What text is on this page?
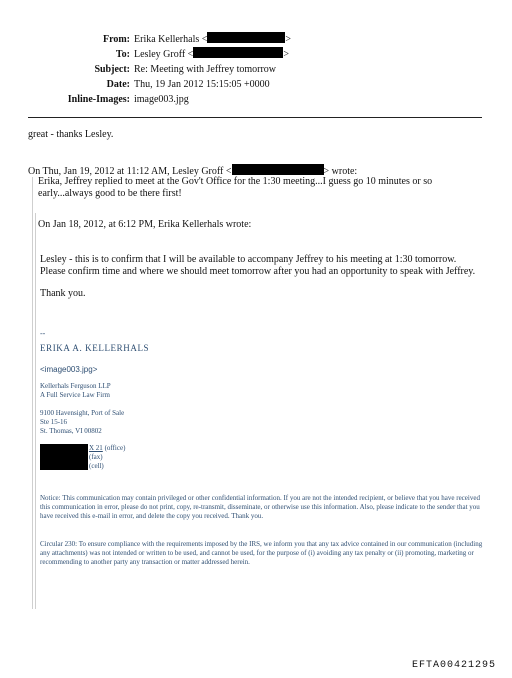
From: Erika Kellerhals <	>
To: Lesley Groff <	>
Subject: Re: Meeting with Jeffrey tomorrow
Date: Thu, 19 Jan 2012 15:15:05 +0000
Inline-Images: image003.jpg
great - thanks Lesley.
On Thu, Jan 19, 2012 at 11:12 AM, Lesley Groff <	> wrote:
Erika, Jeffrey replied to meet at the Gov't Office for the 1:30 meeting...I guess go 10 minutes or so
early...always good to be there first!
On Jan 18, 2012, at 6:12 PM, Erika Kellerhals wrote:
Lesley - this is to confirm that I will be available to accompany Jeffrey to his meeting at 1:30 tomorrow.
Please confirm time and where we should meet tomorrow after you had an opportunity to speak with Jeffrey.
Thank you.
--
ERIKA A. KELLERHALS
<image003.jpg>
Kellerhals Ferguson LLP
A Full Service Law Firm
9100 Havensight, Port of Sale
Ste 15-16
St. Thomas, VI 00802
X 21 (office)
(fax)
(cell)
Notice: This communication may contain privileged or other confidential information. If you are not the intended recipient, or believe that you have received this communication in error, please do not print, copy, re-transmit, disseminate, or otherwise use this information. Also, please indicate to the sender that you have received this e-mail in error, and delete the copy you received. Thank you.
Circular 230: To ensure compliance with the requirements imposed by the IRS, we inform you that any tax advice contained in our communication (including any attachments) was not intended or written to be used, and cannot be used, for the purpose of (i) avoiding any tax penalty or (ii) promoting, marketing or recommending to another party any transaction or matter addressed herein.
EFTA00421295
